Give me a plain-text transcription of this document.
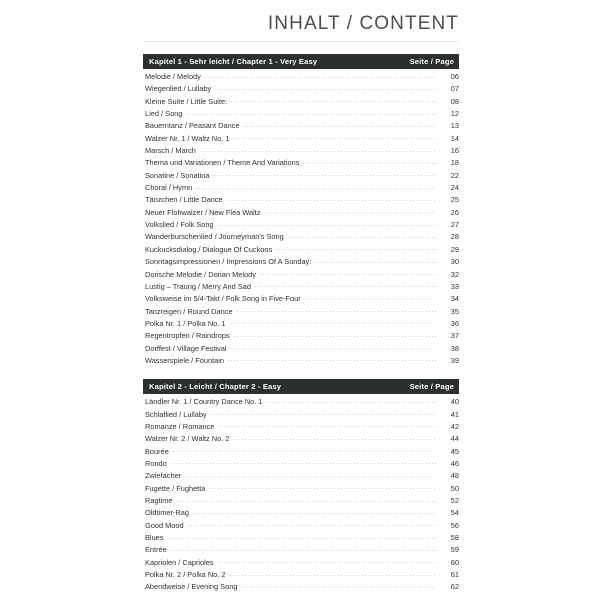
INHALT / CONTENT
Kapitel 1 - Sehr leicht / Chapter 1 - Very Easy	Seite / Page
Melodie / Melody	06
Wiegenlied / Lullaby	07
Kleine Suite / Little Suite:	08
Lied / Song	12
Bauerntanz / Peasant Dance	13
Walzer Nr. 1 / Waltz No. 1	14
Marsch / March	16
Thema und Variationen / Theme And Variations	18
Sonatine / Sonatina	22
Choral / Hymn	24
Tänzchen / Little Dance	25
Neuer Flohwalzer / New Flea Waltz	26
Volkslied / Folk Song	27
Wanderburschenlied / Journeyman's Song	28
Kuckucksdialog / Dialogue Of Cuckoos	29
Sonntagsimpressionen / Impressions Of A Sunday:	30
Dorische Melodie / Dorian Melody	32
Lustig – Traurig / Merry And Sad	33
Volksweise im 5/4-Takt / Folk Song in Five-Four	34
Tanzreigen / Round Dance	35
Polka Nr. 1 / Polka No. 1	36
Regentropfen / Raindrops	37
Dorffest / Village Festival	38
Wasserspiele / Fountain	39
Kapitel 2 - Leicht / Chapter 2 - Easy	Seite / Page
Ländler Nr. 1 / Country Dance No. 1	40
Schlaflied / Lullaby	41
Romanze / Romance	42
Walzer Nr. 2 / Waltz No. 2	44
Bourée	45
Rondo	46
Zwiefacher	48
Fugette / Fughetta	50
Ragtime	52
Oldtimer-Rag	54
Good Mood	56
Blues	58
Entrée	59
Kapriolen / Caprioles	60
Polka Nr. 2 / Polka No. 2	61
Abendweise / Evening Song	62
